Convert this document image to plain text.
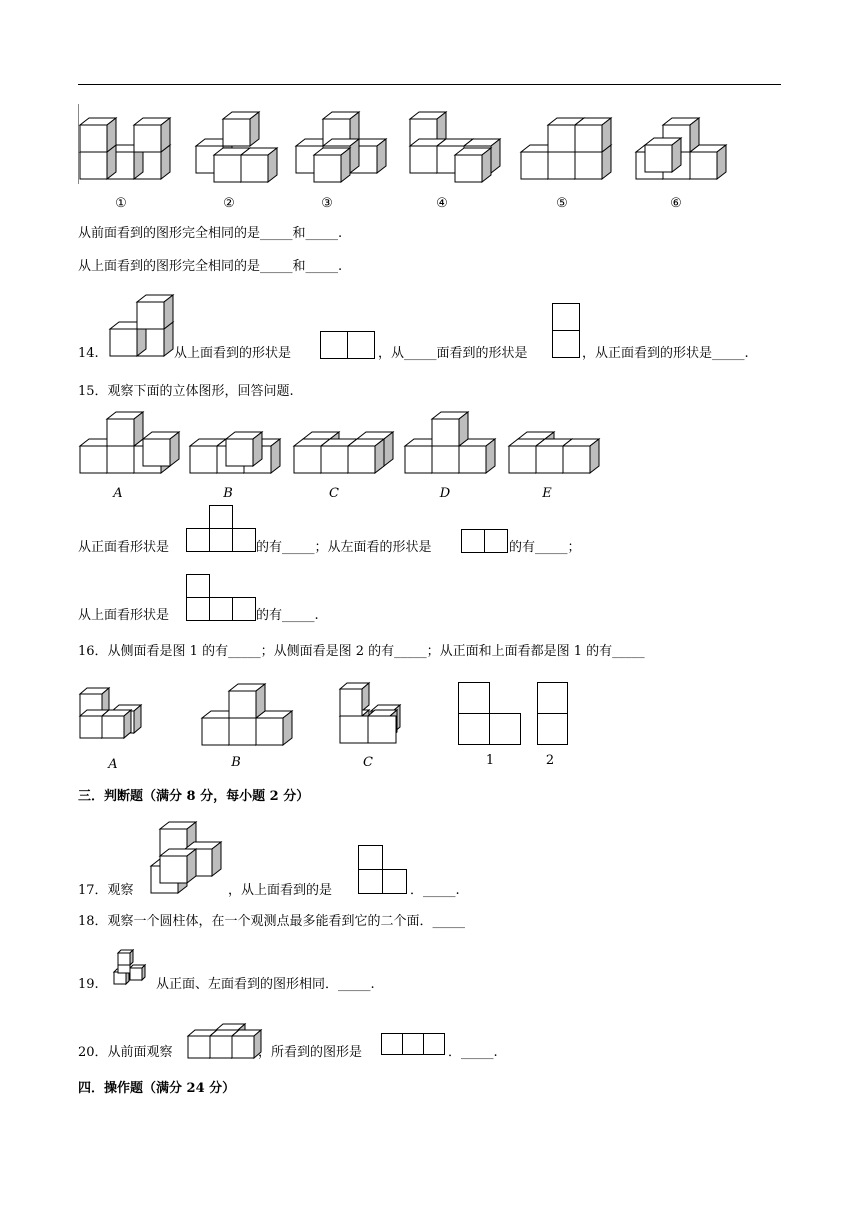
①	②	③	④	⑤	⑥
从前面看到的图形完全相同的是_____和_____.
从上面看到的图形完全相同的是_____和_____.
14.	从上面看到的形状是	，从_____面看到的形状是	，从正面看到的形状是_____.
15．观察下面的立体图形，回答问题.
A	B	C	D	E
从正面看形状是	的有_____；从左面看的形状是	的有_____；
从上面看形状是	的有_____.
16．从侧面看是图 1 的有_____；从侧面看是图 2 的有_____；从正面和上面看都是图 1 的有_____
A	B	C	1	2
三．判断题（满分 8 分，每小题 2 分）
17．观察	，从上面看到的是	．_____.
18．观察一个圆柱体，在一个观测点最多能看到它的二个面．_____
19.	从正面、左面看到的图形相同．_____.
20．从前面观察	，所看到的图形是	．_____.
四．操作题（满分 24 分）
